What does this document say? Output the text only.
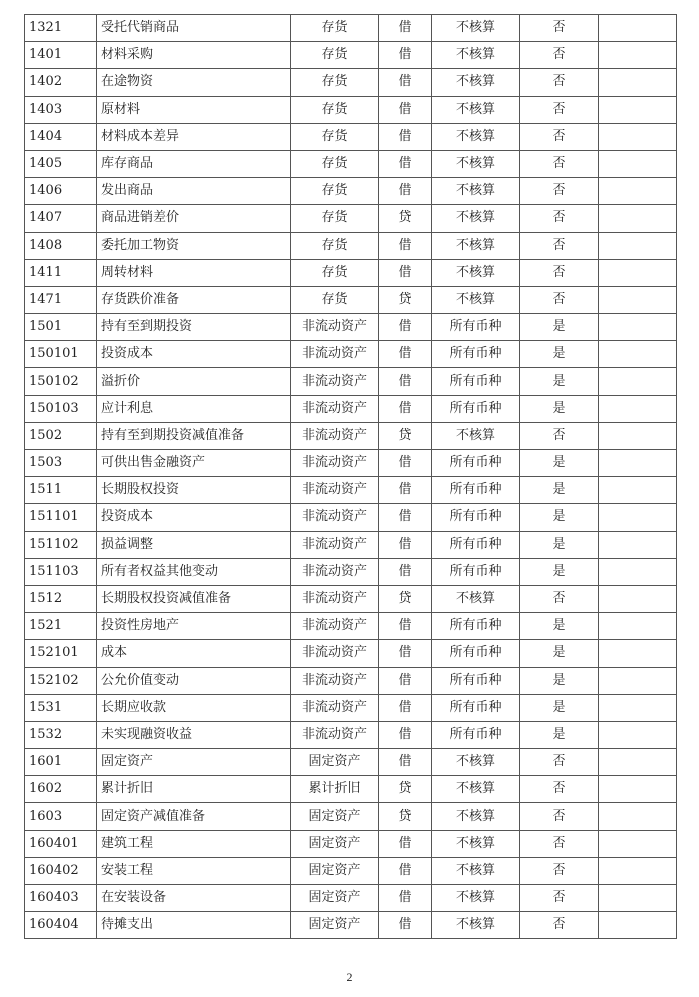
1321	受托代销商品	存货	借	不核算	否	
1401	材料采购	存货	借	不核算	否	
1402	在途物资	存货	借	不核算	否	
1403	原材料	存货	借	不核算	否	
1404	材料成本差异	存货	借	不核算	否	
1405	库存商品	存货	借	不核算	否	
1406	发出商品	存货	借	不核算	否	
1407	商品进销差价	存货	贷	不核算	否	
1408	委托加工物资	存货	借	不核算	否	
1411	周转材料	存货	借	不核算	否	
1471	存货跌价准备	存货	贷	不核算	否	
1501	持有至到期投资	非流动资产	借	所有币种	是	
150101	投资成本	非流动资产	借	所有币种	是	
150102	溢折价	非流动资产	借	所有币种	是	
150103	应计利息	非流动资产	借	所有币种	是	
1502	持有至到期投资减值准备	非流动资产	贷	不核算	否	
1503	可供出售金融资产	非流动资产	借	所有币种	是	
1511	长期股权投资	非流动资产	借	所有币种	是	
151101	投资成本	非流动资产	借	所有币种	是	
151102	损益调整	非流动资产	借	所有币种	是	
151103	所有者权益其他变动	非流动资产	借	所有币种	是	
1512	长期股权投资减值准备	非流动资产	贷	不核算	否	
1521	投资性房地产	非流动资产	借	所有币种	是	
152101	成本	非流动资产	借	所有币种	是	
152102	公允价值变动	非流动资产	借	所有币种	是	
1531	长期应收款	非流动资产	借	所有币种	是	
1532	未实现融资收益	非流动资产	借	所有币种	是	
1601	固定资产	固定资产	借	不核算	否	
1602	累计折旧	累计折旧	贷	不核算	否	
1603	固定资产减值准备	固定资产	贷	不核算	否	
160401	建筑工程	固定资产	借	不核算	否	
160402	安装工程	固定资产	借	不核算	否	
160403	在安装设备	固定资产	借	不核算	否	
160404	待摊支出	固定资产	借	不核算	否	
2
